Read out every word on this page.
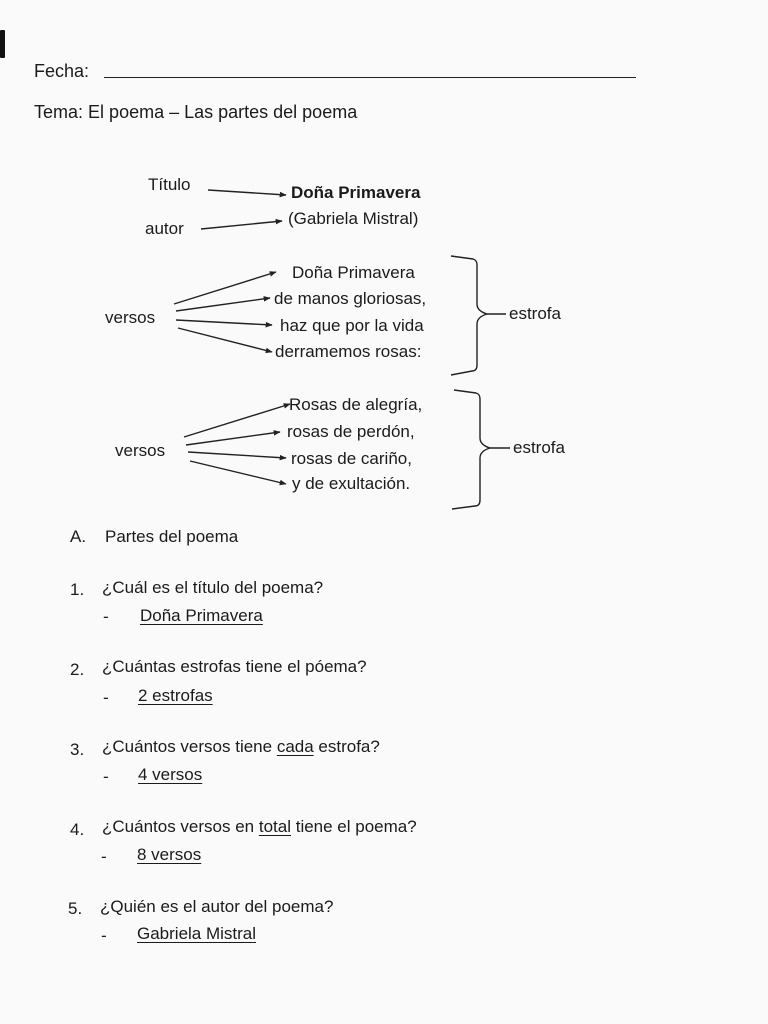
Fecha:
Tema: El poema – Las partes del poema
Título	Doña Primavera
autor
(Gabriela Mistral)
versos
Doña Primavera
de manos gloriosas,
haz que por la vida
derramemos rosas:
estrofa
versos
Rosas de alegría,
rosas de perdón,
rosas de cariño,
y de exultación.
estrofa
A. Partes del poema
1. ¿Cuál es el título del poema?
- Doña Primavera
2. ¿Cuántas estrofas tiene el póema?
- 2 estrofas
3. ¿Cuántos versos tiene cada estrofa?
- 4 versos
4. ¿Cuántos versos en total tiene el poema?
- 8 versos
5. ¿Quién es el autor del poema?
- Gabriela Mistral
